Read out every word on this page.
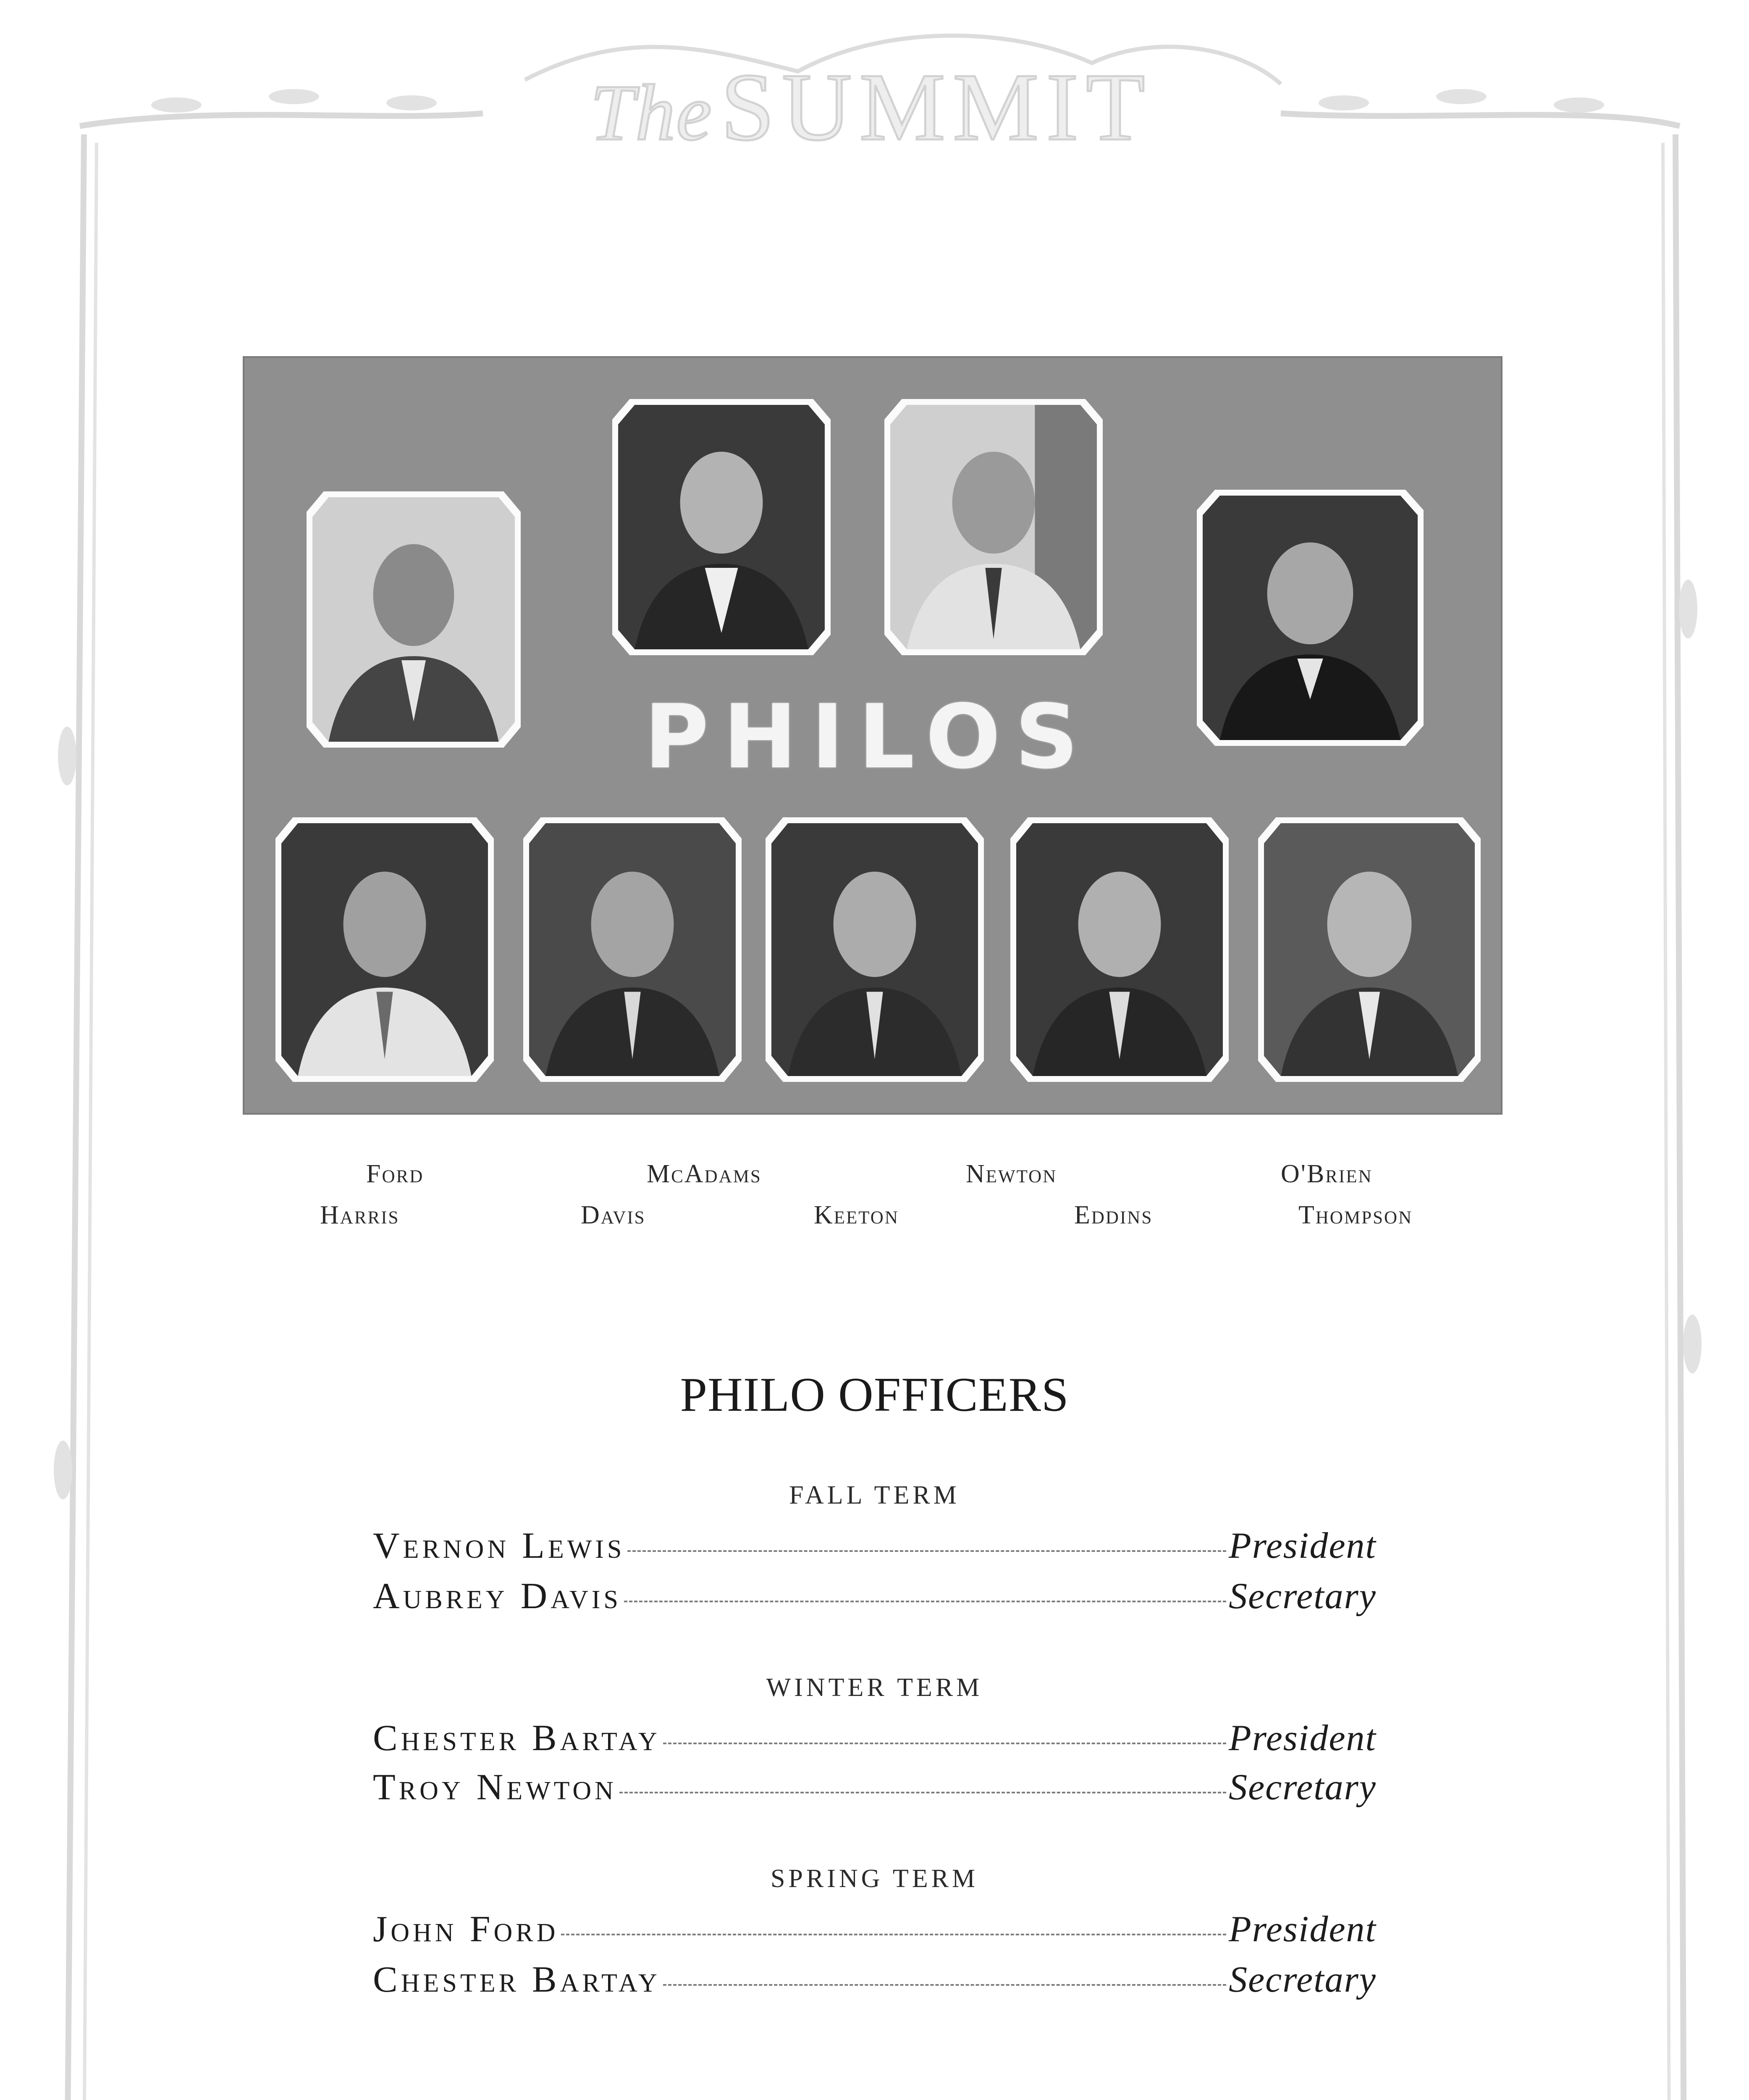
TheSUMMIT
PHILOS
Ford	McAdams	Newton	O'Brien
Harris	Davis	Keeton	Eddins	Thompson
PHILO OFFICERS
FALL TERM
Vernon Lewis	President
Aubrey Davis	Secretary
WINTER TERM
Chester Bartay	President
Troy Newton	Secretary
SPRING TERM
John Ford	President
Chester Bartay	Secretary
